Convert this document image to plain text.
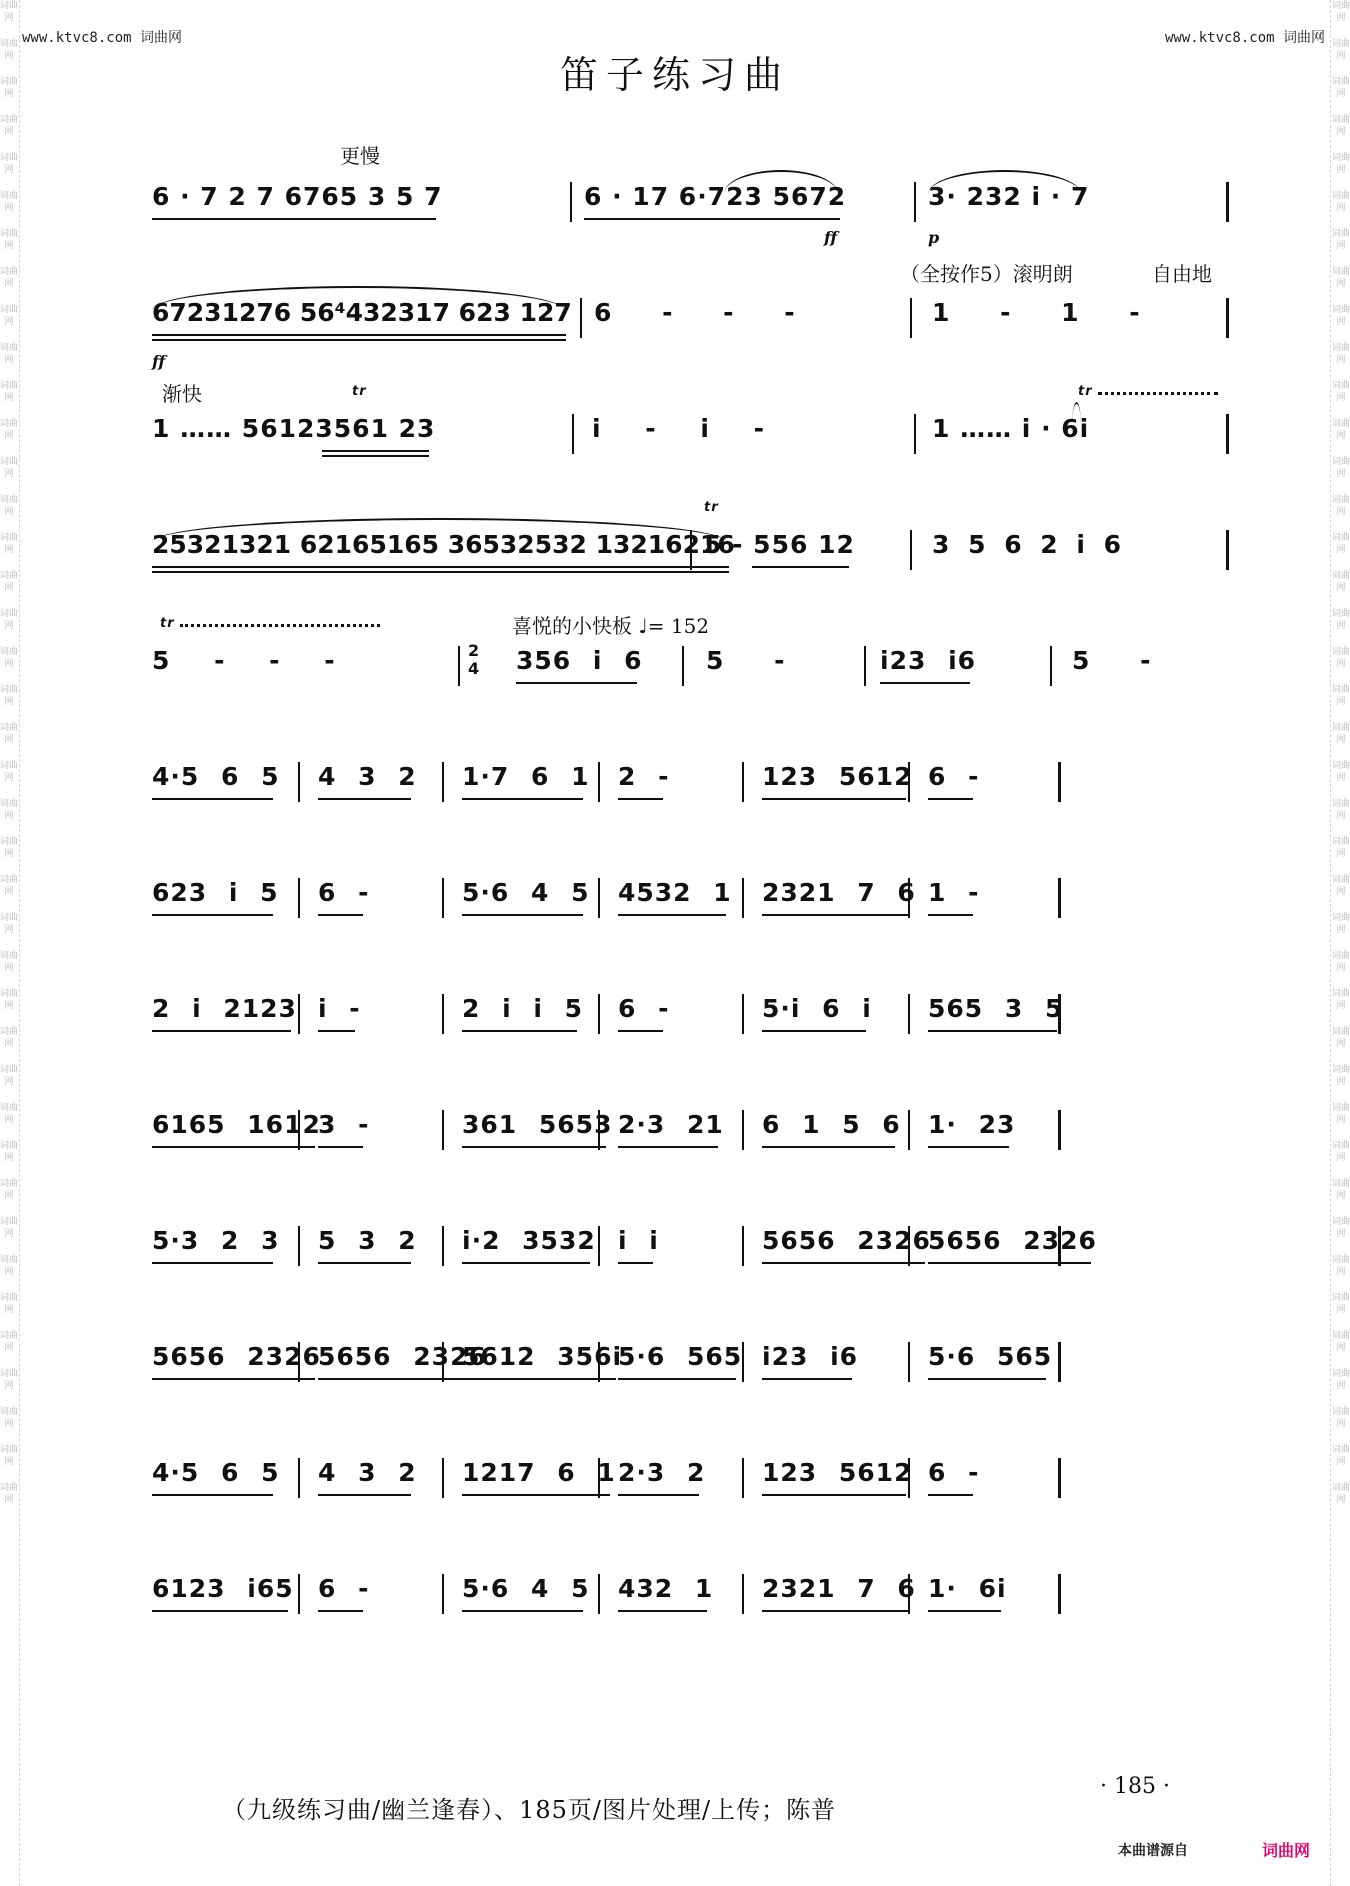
词曲网
词曲网
词曲网
词曲网
词曲网
词曲网
词曲网
词曲网
词曲网
词曲网
词曲网
词曲网
词曲网
词曲网
词曲网
词曲网
词曲网
词曲网
词曲网
词曲网
词曲网
词曲网
词曲网
词曲网
词曲网
词曲网
词曲网
词曲网
词曲网
词曲网
词曲网
词曲网
词曲网
词曲网
词曲网
词曲网
词曲网
词曲网
词曲网
词曲网
词曲网
词曲网
词曲网
词曲网
词曲网
词曲网
词曲网
词曲网
词曲网
词曲网
词曲网
词曲网
词曲网
词曲网
词曲网
词曲网
词曲网
词曲网
词曲网
词曲网
词曲网
词曲网
词曲网
词曲网
词曲网
词曲网
词曲网
词曲网
词曲网
词曲网
词曲网
词曲网
词曲网
词曲网
词曲网
词曲网
词曲网
词曲网
词曲网
词曲网
www.ktvc8.com 词曲网	www.ktvc8.com 词曲网
笛子练习曲
更慢
6 · 7 2 7 6765 3 5 7	6 · 17 6·723 5672
ff
3· 232 i · 7
p
（全按作5）滚明朗	自由地
67231276 56⁴432317 623 127
ff
6 - - -	1 - 1 -
渐快
1 …… 56123561 23
tr
i - i -	1 …… i · 6i
tr
25321321 62165165 36532532 13216216
5 - 556 12
tr
3 5 6 2 i 6
喜悦的小快板 ♩= 152
5 - - -
tr
2
4 356 i 6	5 -	i23 i6	5 -
4·5 6 5 4 3 2 1·7 6 1 2 -	123 5612 6 -
623 i 5 6 -	5·6 4 5 4532 1 2321 7 6 1 -
2 i 2123 i -	2 i i 5 6 -	5·i 6 i 565 3 5
6165 1612
3 -	361 5653 2·3 21 6 1 5 6 1· 23
5·3 2 3 5 3 2 i·2 3532 i i	5656 2326
5656 2326
5656 2326
5656 2326
5612 356i
5·6 565 i23 i6	5·6 565
4·5 6 5 4 3 2 1217 6 1 2·3 2 123 5612 6 -
6123 i65 6 -	5·6 4 5 432 1 2321 7 6 1· 6i
（九级练习曲/幽兰逢春）、185页/图片处理/上传；陈普
· 185 ·
本曲谱源自	词曲网
